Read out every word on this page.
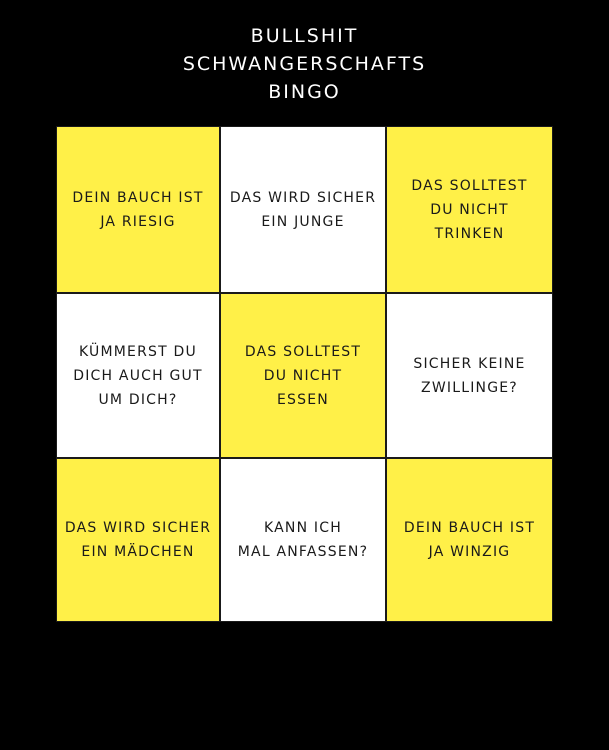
BULLSHIT
SCHWANGERSCHAFTS
BINGO
DEIN BAUCH IST
JA RIESIG
DAS WIRD SICHER
EIN JUNGE
DAS SOLLTEST
DU NICHT
TRINKEN
KÜMMERST DU
DICH AUCH GUT
UM DICH?
DAS SOLLTEST
DU NICHT
ESSEN
SICHER KEINE
ZWILLINGE?
DAS WIRD SICHER
EIN MÄDCHEN
KANN ICH
MAL ANFASSEN?
DEIN BAUCH IST
JA WINZIG
